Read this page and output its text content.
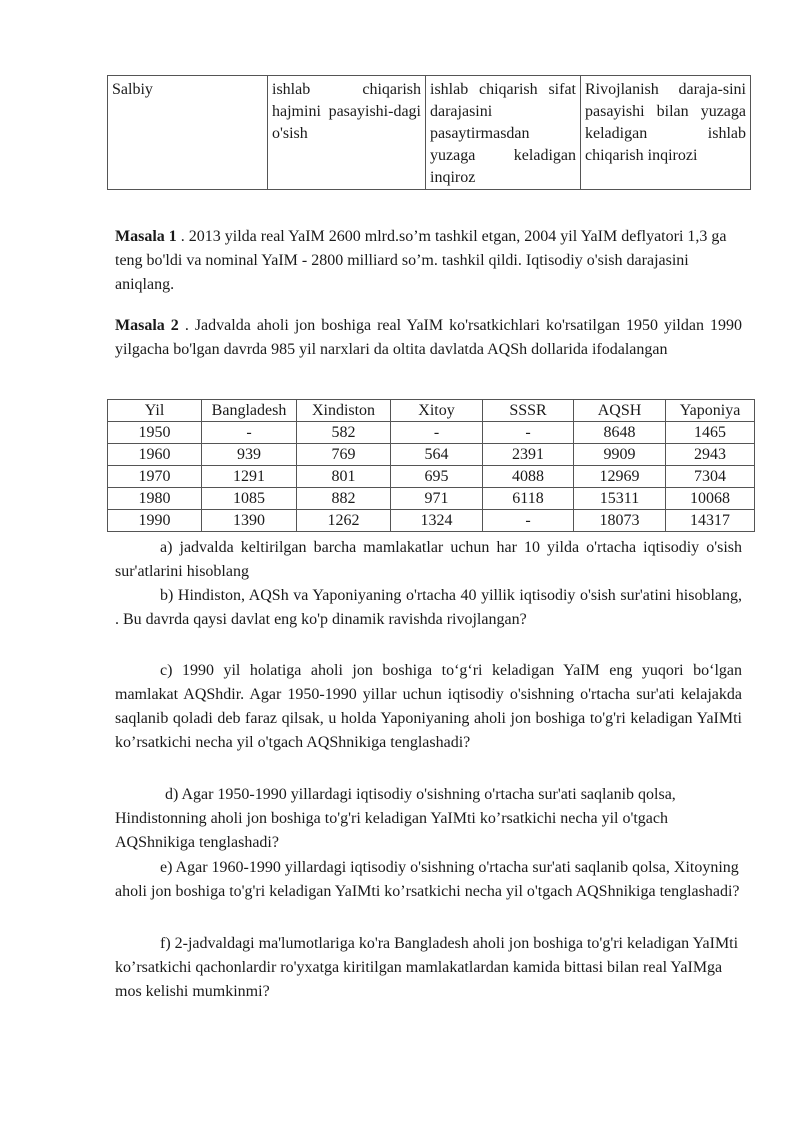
Salbiy	ishlab chiqarish hajmini pasayishi-dagi o'sish	ishlab chiqarish sifat darajasini pasaytirmasdan yuzaga keladigan inqiroz	Rivojlanish daraja-sini pasayishi bilan yuzaga keladigan ishlab chiqarish inqirozi
Masala 1 . 2013 yilda real YaIM 2600 mlrd.so’m tashkil etgan, 2004 yil YaIM deflyatori 1,3 ga teng bo'ldi va nominal YaIM - 2800 milliard so’m. tashkil qildi. Iqtisodiy o'sish darajasini aniqlang.
Masala 2 . Jadvalda aholi jon boshiga real YaIM ko'rsatkichlari ko'rsatilgan 1950 yildan 1990 yilgacha bo'lgan davrda 985 yil narxlari da oltita davlatda AQSh dollarida ifodalangan
Yil	Bangladesh	Xindiston	Xitoy	SSSR	AQSH	Yaponiya
1950	-	582	-	-	8648	1465
1960	939	769	564	2391	9909	2943
1970	1291	801	695	4088	12969	7304
1980	1085	882	971	6118	15311	10068
1990	1390	1262	1324	-	18073	14317
a) jadvalda keltirilgan barcha mamlakatlar uchun har 10 yilda o'rtacha iqtisodiy o'sish sur'atlarini hisoblang
b) Hindiston, AQSh va Yaponiyaning o'rtacha 40 yillik iqtisodiy o'sish sur'atini hisoblang, . Bu davrda qaysi davlat eng ko'p dinamik ravishda rivojlangan?
c) 1990 yil holatiga aholi jon boshiga to‘g‘ri keladigan YaIM eng yuqori bo‘lgan mamlakat AQShdir. Agar 1950-1990 yillar uchun iqtisodiy o'sishning o'rtacha sur'ati kelajakda saqlanib qoladi deb faraz qilsak, u holda Yaponiyaning aholi jon boshiga to'g'ri keladigan YaIMti ko’rsatkichi necha yil o'tgach AQShnikiga tenglashadi?
d) Agar 1950-1990 yillardagi iqtisodiy o'sishning o'rtacha sur'ati saqlanib qolsa, Hindistonning aholi jon boshiga to'g'ri keladigan YaIMti ko’rsatkichi necha yil o'tgach AQShnikiga tenglashadi?
e) Agar 1960-1990 yillardagi iqtisodiy o'sishning o'rtacha sur'ati saqlanib qolsa, Xitoyning aholi jon boshiga to'g'ri keladigan YaIMti ko’rsatkichi necha yil o'tgach AQShnikiga tenglashadi?
f) 2-jadvaldagi ma'lumotlariga ko'ra Bangladesh aholi jon boshiga to'g'ri keladigan YaIMti ko’rsatkichi qachonlardir ro'yxatga kiritilgan mamlakatlardan kamida bittasi bilan real YaIMga mos kelishi mumkinmi?
